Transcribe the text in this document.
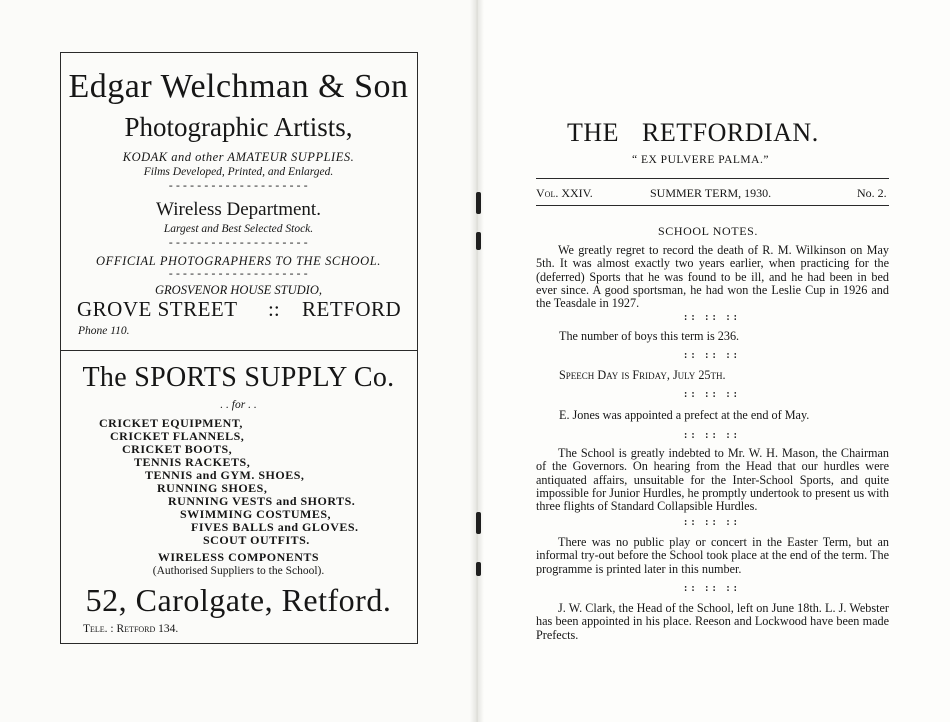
Edgar Welchman & Son
Photographic Artists,
KODAK and other AMATEUR SUPPLIES.
Films Developed, Printed, and Enlarged.
--------------------
Wireless Department.
Largest and Best Selected Stock.
--------------------
OFFICIAL PHOTOGRAPHERS TO THE SCHOOL.
--------------------
GROSVENOR HOUSE STUDIO,
GROVE STREET :: RETFORD
Phone 110.
The SPORTS SUPPLY Co.
. . for . .
CRICKET EQUIPMENT,
CRICKET FLANNELS,
CRICKET BOOTS,
TENNIS RACKETS,
TENNIS and GYM. SHOES,
RUNNING SHOES,
RUNNING VESTS and SHORTS.
SWIMMING COSTUMES,
FIVES BALLS and GLOVES.
SCOUT OUTFITS.
WIRELESS COMPONENTS
(Authorised Suppliers to the School).
52, Carolgate, Retford.
Tele. : Retford 134.
THE RETFORDIAN.
“ EX PULVERE PALMA.”
Vol. XXIV.	SUMMER TERM, 1930.	No. 2.
SCHOOL NOTES.
We greatly regret to record the death of R. M. Wilkinson on May 5th. It was almost exactly two years earlier, when practicing for the (deferred) Sports that he was found to be ill, and he had been in bed ever since. A good sportsman, he had won the Leslie Cup in 1926 and the Teasdale in 1927.
:: :: ::
The number of boys this term is 236.
:: :: ::
Speech Day is Friday, July 25th.
:: :: ::
E. Jones was appointed a prefect at the end of May.
:: :: ::
The School is greatly indebted to Mr. W. H. Mason, the Chairman of the Governors. On hearing from the Head that our hurdles were antiquated affairs, unsuitable for the Inter-School Sports, and quite impossible for Junior Hurdles, he promptly undertook to present us with three flights of Standard Collapsible Hurdles.
:: :: ::
There was no public play or concert in the Easter Term, but an informal try-out before the School took place at the end of the term. The programme is printed later in this number.
:: :: ::
J. W. Clark, the Head of the School, left on June 18th. L. J. Webster has been appointed in his place. Reeson and Lockwood have been made Prefects.
